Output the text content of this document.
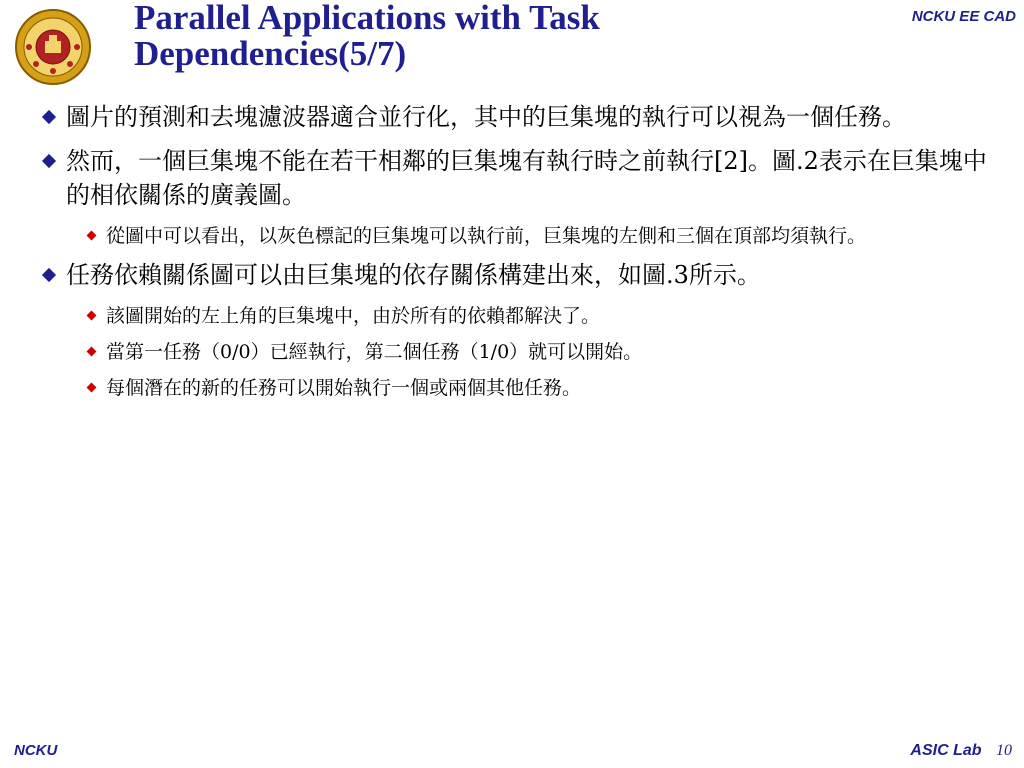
Parallel Applications with Task Dependencies(5/7)
NCKU EE CAD
圖片的預測和去塊濾波器適合並行化，其中的巨集塊的執行可以視為一個任務。
然而，一個巨集塊不能在若干相鄰的巨集塊有執行時之前執行[2]。圖.2表示在巨集塊中的相依關係的廣義圖。
從圖中可以看出，以灰色標記的巨集塊可以執行前，巨集塊的左側和三個在頂部均須執行。
任務依賴關係圖可以由巨集塊的依存關係構建出來，如圖.3所示。
該圖開始的左上角的巨集塊中，由於所有的依賴都解決了。
當第一任務（0/0）已經執行，第二個任務（1/0）就可以開始。
每個潛在的新的任務可以開始執行一個或兩個其他任務。
NCKU	ASIC Lab 10
